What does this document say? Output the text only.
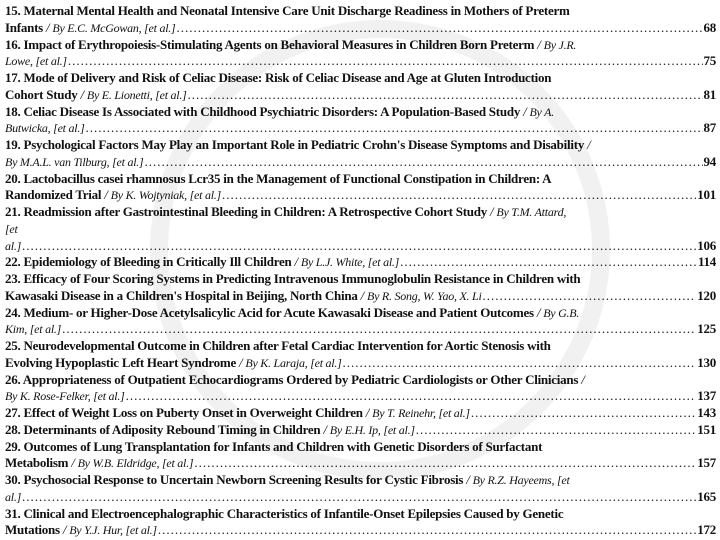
15. Maternal Mental Health and Neonatal Intensive Care Unit Discharge Readiness in Mothers of Preterm
Infants / By E.C. McGowan, [et al.] .....	68
16. Impact of Erythropoiesis-Stimulating Agents on Behavioral Measures in Children Born Preterm / By J.R.
Lowe, [et al.] .....	75
17. Mode of Delivery and Risk of Celiac Disease: Risk of Celiac Disease and Age at Gluten Introduction
Cohort Study / By E. Lionetti, [et al.] .....	81
18. Celiac Disease Is Associated with Childhood Psychiatric Disorders: A Population-Based Study / By A.
Butwicka, [et al.] .....	87
19. Psychological Factors May Play an Important Role in Pediatric Crohn's Disease Symptoms and Disability /
By M.A.L. van Tilburg, [et al.] .....	94
20. Lactobacillus casei rhamnosus Lcr35 in the Management of Functional Constipation in Children: A
Randomized Trial / By K. Wojtyniak, [et al.] .....	101
21. Readmission after Gastrointestinal Bleeding in Children: A Retrospective Cohort Study / By T.M. Attard,
[et
al.] .....	106
22. Epidemiology of Bleeding in Critically Ill Children / By L.J. White, [et al.] .....	114
23. Efficacy of Four Scoring Systems in Predicting Intravenous Immunoglobulin Resistance in Children with
Kawasaki Disease in a Children's Hospital in Beijing, North China / By R. Song, W. Yao, X. Li .....	120
24. Medium- or Higher-Dose Acetylsalicylic Acid for Acute Kawasaki Disease and Patient Outcomes / By G.B.
Kim, [et al.] .....	125
25. Neurodevelopmental Outcome in Children after Fetal Cardiac Intervention for Aortic Stenosis with
Evolving Hypoplastic Left Heart Syndrome / By K. Laraja, [et al.] .....	130
26. Appropriateness of Outpatient Echocardiograms Ordered by Pediatric Cardiologists or Other Clinicians /
By K. Rose-Felker, [et al.] .....	137
27. Effect of Weight Loss on Puberty Onset in Overweight Children / By T. Reinehr, [et al.] .....	143
28. Determinants of Adiposity Rebound Timing in Children / By E.H. Ip, [et al.] .....	151
29. Outcomes of Lung Transplantation for Infants and Children with Genetic Disorders of Surfactant
Metabolism / By W.B. Eldridge, [et al.] .....	157
30. Psychosocial Response to Uncertain Newborn Screening Results for Cystic Fibrosis / By R.Z. Hayeems, [et
al.] .....	165
31. Clinical and Electroencephalographic Characteristics of Infantile-Onset Epilepsies Caused by Genetic
Mutations / By Y.J. Hur, [et al.] .....	172
